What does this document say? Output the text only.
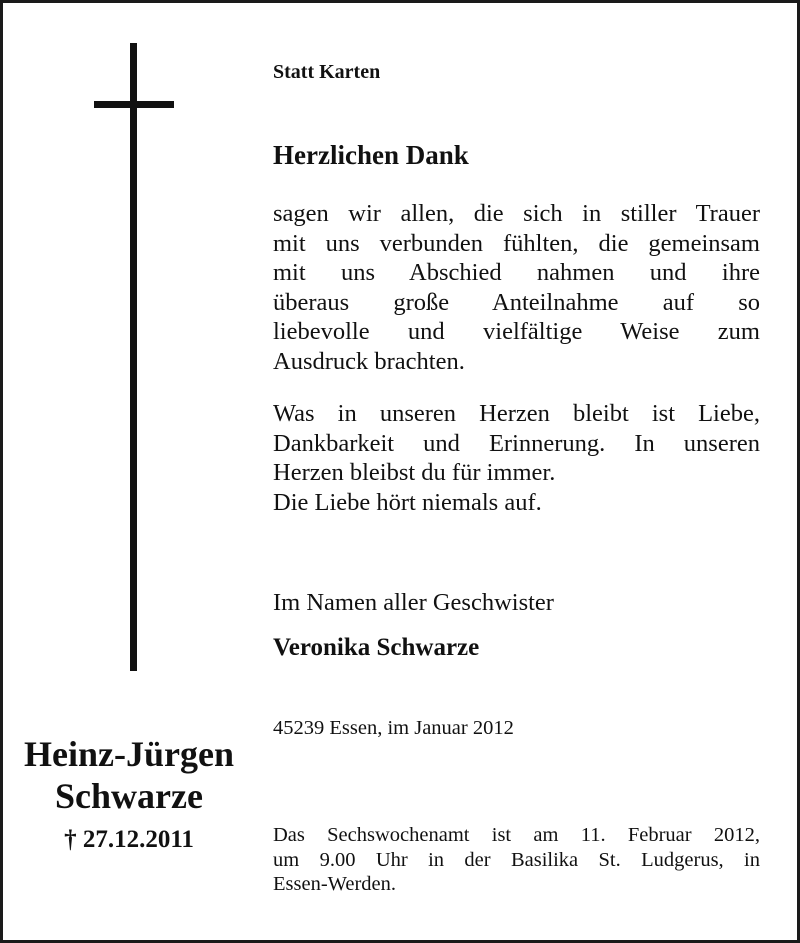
Heinz-Jürgen
Schwarze
† 27.12.2011
Statt Karten
Herzlichen Dank
sagen wir allen, die sich in stiller Trauer
mit uns verbunden fühlten, die gemeinsam
mit uns Abschied nahmen und ihre
überaus große Anteilnahme auf so
liebevolle und vielfältige Weise zum
Ausdruck brachten.
Was in unseren Herzen bleibt ist Liebe,
Dankbarkeit und Erinnerung. In unseren
Herzen bleibst du für immer.
Die Liebe hört niemals auf.
Im Namen aller Geschwister
Veronika Schwarze
45239 Essen, im Januar 2012
Das Sechswochenamt ist am 11. Februar 2012,
um 9.00 Uhr in der Basilika St. Ludgerus, in
Essen-Werden.
